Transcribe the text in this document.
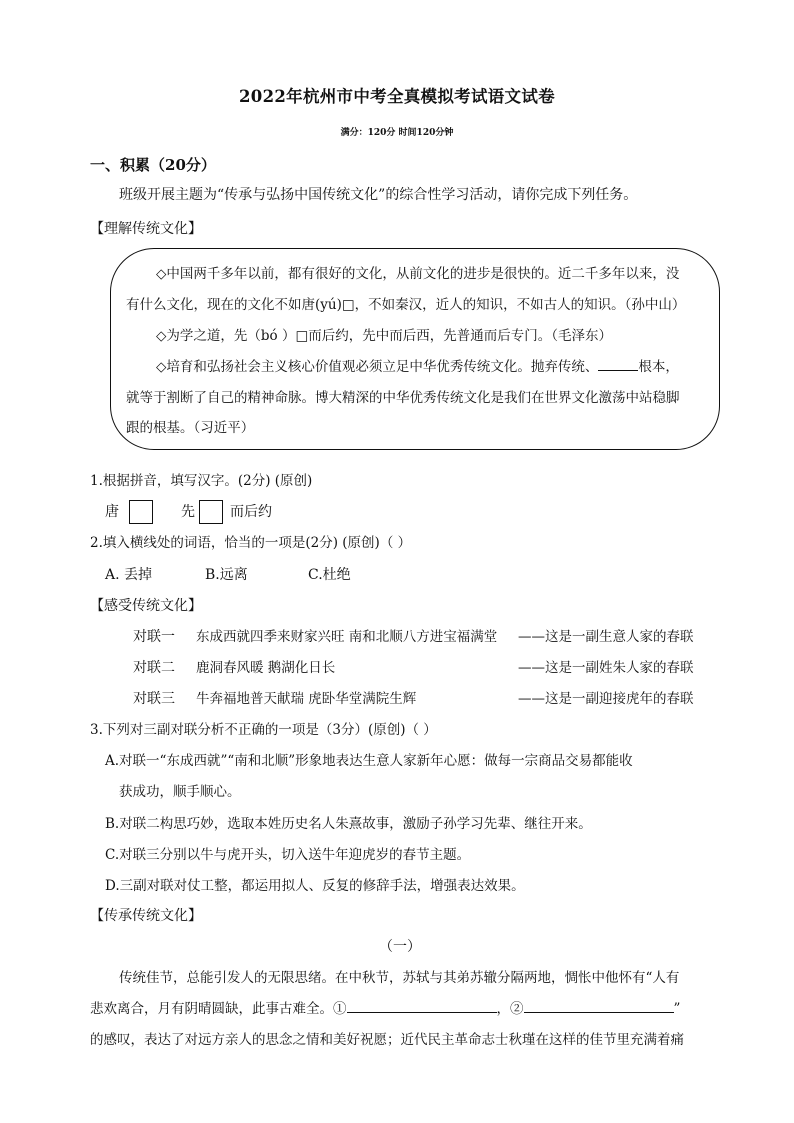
2022年杭州市中考全真模拟考试语文试卷
满分：120分 时间120分钟
一、积累（20分）
班级开展主题为“传承与弘扬中国传统文化”的综合性学习活动，请你完成下列任务。
【理解传统文化】
◇中国两千多年以前，都有很好的文化，从前文化的进步是很快的。近二千多年以来，没
有什么文化，现在的文化不如唐(yú)□，不如秦汉，近人的知识，不如古人的知识。（孙中山）
◇为学之道，先（bó ）□而后约，先中而后西，先普通而后专门。（毛泽东）
◇培育和弘扬社会主义核心价值观必须立足中华优秀传统文化。抛弃传统、	根本，
就等于割断了自己的精神命脉。博大精深的中华优秀传统文化是我们在世界文化激荡中站稳脚
跟的根基。（习近平）
1.根据拼音，填写汉字。(2分) (原创)
唐	先	而后约
2.填入横线处的词语，恰当的一项是(2分) (原创)（ ）
A. 丢掉	B.远离	C.杜绝
【感受传统文化】
对联一 东成西就四季来财家兴旺 南和北顺八方进宝福满堂 ——这是一副生意人家的春联
对联二 鹿洞春风暖 鹅湖化日长	——这是一副姓朱人家的春联
对联三 牛奔福地普天献瑞 虎卧华堂满院生辉	——这是一副迎接虎年的春联
3.下列对三副对联分析不正确的一项是（3分）(原创)（ ）
A.对联一“东成西就”“南和北顺”形象地表达生意人家新年心愿：做每一宗商品交易都能收
获成功，顺手顺心。
B.对联二构思巧妙，选取本姓历史名人朱熹故事，激励子孙学习先辈、继往开来。
C.对联三分别以牛与虎开头，切入送牛年迎虎岁的春节主题。
D.三副对联对仗工整，都运用拟人、反复的修辞手法，增强表达效果。
【传承传统文化】
（一）
传统佳节，总能引发人的无限思绪。在中秋节，苏轼与其弟苏辙分隔两地，惆怅中他怀有“人有
悲欢离合，月有阴晴圆缺，此事古难全。①	，②	”
的感叹，表达了对远方亲人的思念之情和美好祝愿；近代民主革命志士秋瑾在这样的佳节里充满着痛
